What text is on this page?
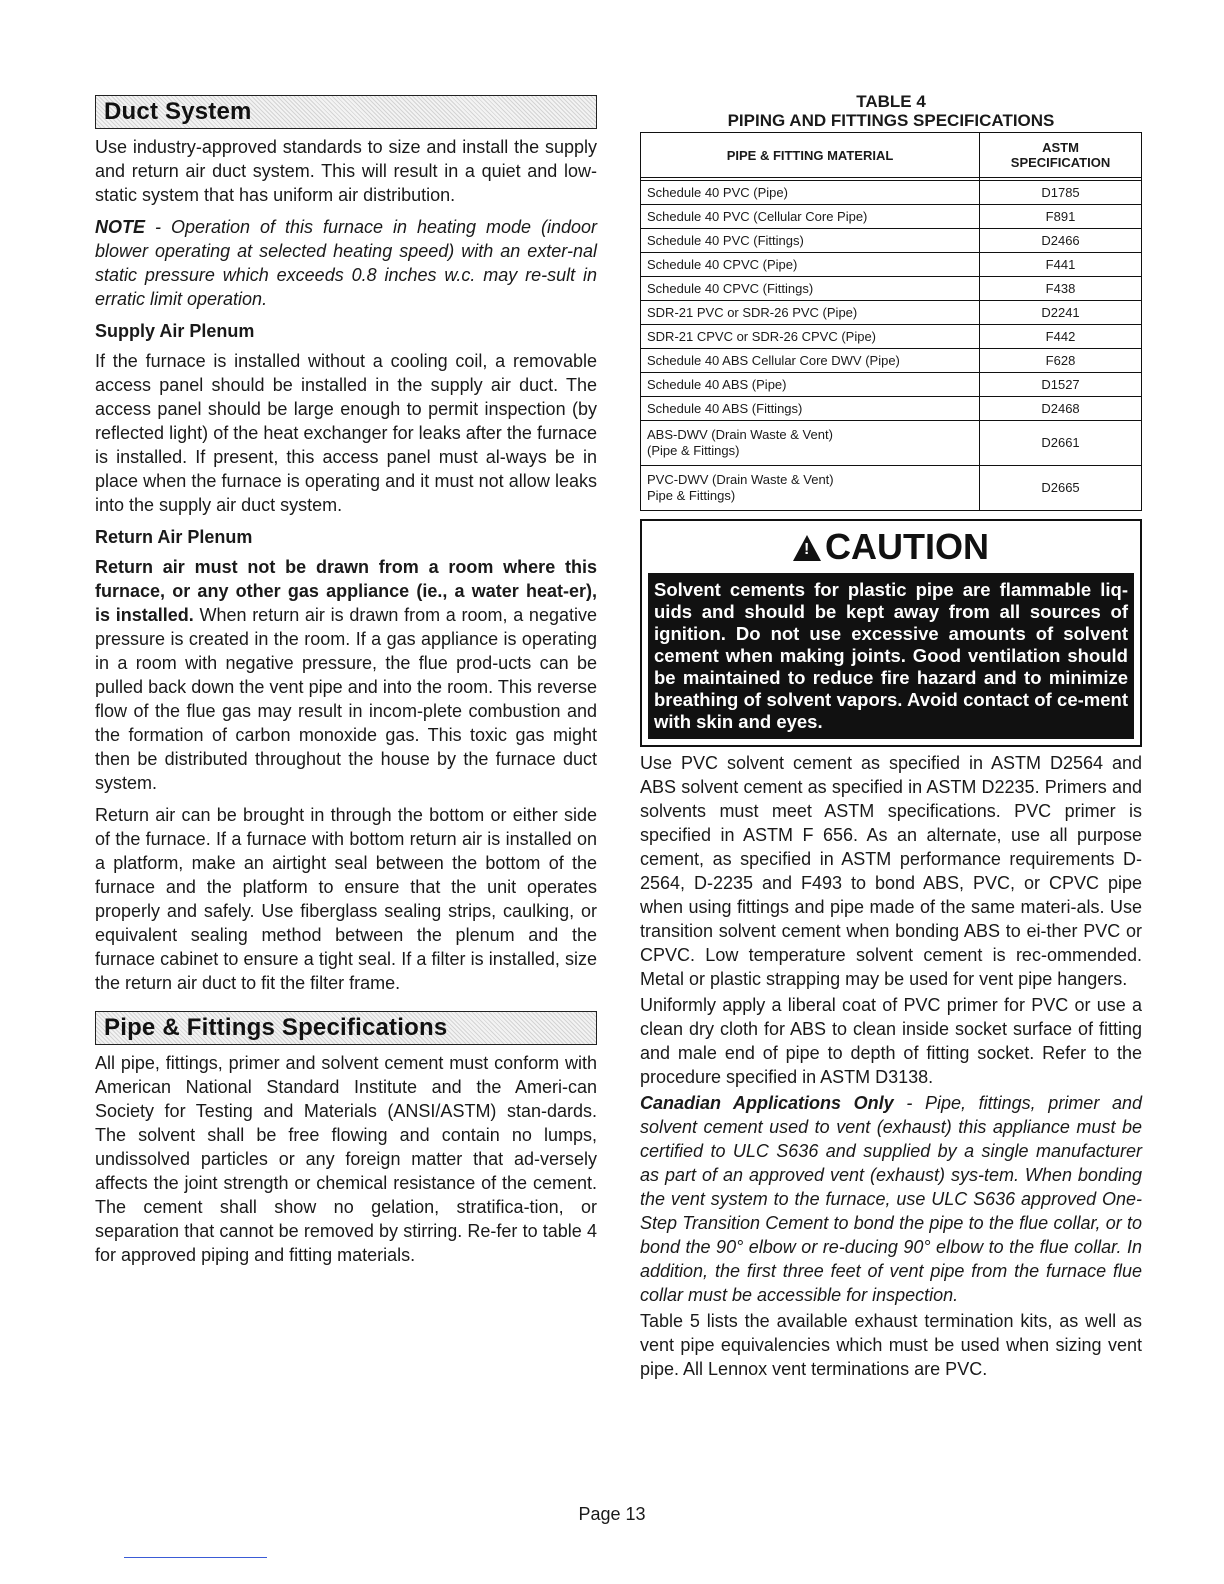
Duct System

Use industry-approved standards to size and install the supply and return air duct system. This will result in a quiet and low-static system that has uniform air distribution.

NOTE - Operation of this furnace in heating mode (indoor blower operating at selected heating speed) with an exter-nal static pressure which exceeds 0.8 inches w.c. may re-sult in erratic limit operation.

Supply Air Plenum

If the furnace is installed without a cooling coil, a removable access panel should be installed in the supply air duct. The access panel should be large enough to permit inspection (by reflected light) of the heat exchanger for leaks after the furnace is installed. If present, this access panel must al-ways be in place when the furnace is operating and it must not allow leaks into the supply air duct system.

Return Air Plenum

Return air must not be drawn from a room where this furnace, or any other gas appliance (ie., a water heat-er), is installed. When return air is drawn from a room, a negative pressure is created in the room. If a gas appliance is operating in a room with negative pressure, the flue prod-ucts can be pulled back down the vent pipe and into the room. This reverse flow of the flue gas may result in incom-plete combustion and the formation of carbon monoxide gas. This toxic gas might then be distributed throughout the house by the furnace duct system.

Return air can be brought in through the bottom or either side of the furnace. If a furnace with bottom return air is installed on a platform, make an airtight seal between the bottom of the furnace and the platform to ensure that the unit operates properly and safely. Use fiberglass sealing strips, caulking, or equivalent sealing method between the plenum and the furnace cabinet to ensure a tight seal. If a filter is installed, size the return air duct to fit the filter frame.

Pipe & Fittings Specifications

All pipe, fittings, primer and solvent cement must conform with American National Standard Institute and the Ameri-can Society for Testing and Materials (ANSI/ASTM) stan-dards. The solvent shall be free flowing and contain no lumps, undissolved particles or any foreign matter that ad-versely affects the joint strength or chemical resistance of the cement. The cement shall show no gelation, stratifica-tion, or separation that cannot be removed by stirring. Re-fer to table 4 for approved piping and fitting materials.

TABLE 4
PIPING AND FITTINGS SPECIFICATIONS
PIPE & FITTING MATERIAL	ASTM
SPECIFICATION

Schedule 40 PVC (Pipe)	D1785
Schedule 40 PVC (Cellular Core Pipe)	F891
Schedule 40 PVC (Fittings)	D2466
Schedule 40 CPVC (Pipe)	F441
Schedule 40 CPVC (Fittings)	F438
SDR-21 PVC or SDR-26 PVC (Pipe)	D2241
SDR-21 CPVC or SDR-26 CPVC (Pipe)	F442
Schedule 40 ABS Cellular Core DWV (Pipe)	F628
Schedule 40 ABS (Pipe)	D1527
Schedule 40 ABS (Fittings)	D2468
ABS-DWV (Drain Waste & Vent)
(Pipe & Fittings)	D2661
PVC-DWV (Drain Waste & Vent)
Pipe & Fittings)	D2665
!CAUTION
Solvent cements for plastic pipe are flammable liq-uids and should be kept away from all sources of ignition. Do not use excessive amounts of solvent cement when making joints. Good ventilation should be maintained to reduce fire hazard and to minimize breathing of solvent vapors. Avoid contact of ce-ment with skin and eyes.

Use PVC solvent cement as specified in ASTM D2564 and ABS solvent cement as specified in ASTM D2235. Primers and solvents must meet ASTM specifications. PVC primer is specified in ASTM F 656. As an alternate, use all purpose cement, as specified in ASTM performance requirements D-2564, D-2235 and F493 to bond ABS, PVC, or CPVC pipe when using fittings and pipe made of the same materi-als. Use transition solvent cement when bonding ABS to ei-ther PVC or CPVC. Low temperature solvent cement is rec-ommended. Metal or plastic strapping may be used for vent pipe hangers.

Uniformly apply a liberal coat of PVC primer for PVC or use a clean dry cloth for ABS to clean inside socket surface of fitting and male end of pipe to depth of fitting socket. Refer to the procedure specified in ASTM D3138.

Canadian Applications Only - Pipe, fittings, primer and solvent cement used to vent (exhaust) this appliance must be certified to ULC S636 and supplied by a single manufacturer as part of an approved vent (exhaust) sys-tem. When bonding the vent system to the furnace, use ULC S636 approved One-Step Transition Cement to bond the pipe to the flue collar, or to bond the 90° elbow or re-ducing 90° elbow to the flue collar. In addition, the first three feet of vent pipe from the furnace flue collar must be accessible for inspection.

Table 5 lists the available exhaust termination kits, as well as vent pipe equivalencies which must be used when sizing vent pipe. All Lennox vent terminations are PVC.

Page 13
